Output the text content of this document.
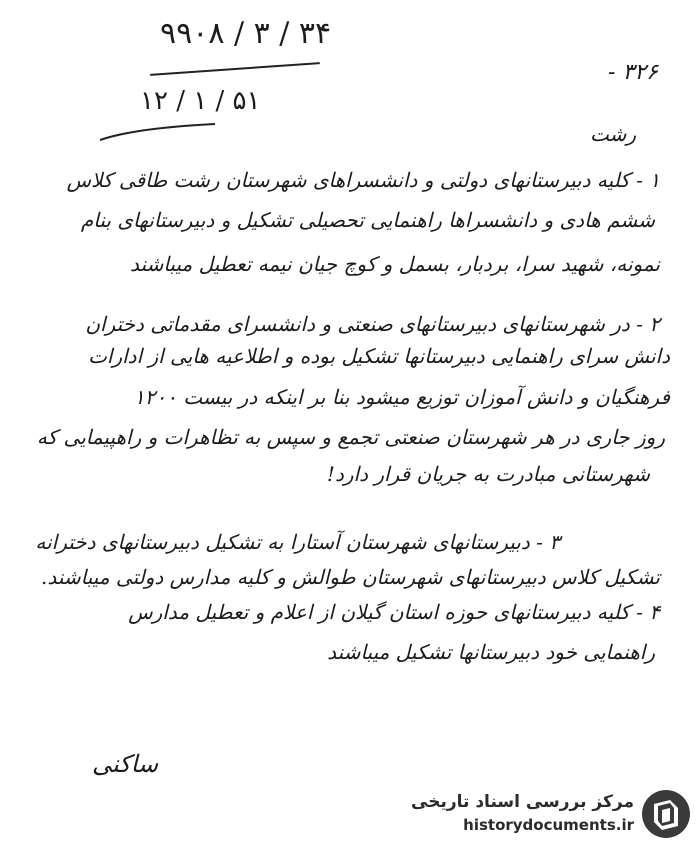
۹۹۰۸ / ۳ / ۳۴
۱۲ / ۱ / ۵۱
۳۲۶ -
رشت
۱ - کلیه دبیرستانهای دولتی و دانشسراهای شهرستان رشت طاقی کلاس
ششم هادی و دانشسراها راهنمایی تحصیلی تشکیل و دبیرستانهای بنام
نمونه، شهید سرا، بردبار، بسمل و کوچ جیان نیمه تعطیل میباشند
۲ - در شهرستانهای دبیرستانهای صنعتی و دانشسرای مقدماتی دختران
دانش سرای راهنمایی دبیرستانها تشکیل بوده و اطلاعیه هایی از ادارات
فرهنگیان و دانش آموزان توزیع میشود بنا بر اینکه در بیست ۱۲۰۰
روز جاری در هر شهرستان صنعتی تجمع و سپس به تظاهرات و راهپیمایی که
شهرستانی مبادرت به جریان قرار دارد!
۳ - دبیرستانهای شهرستان آستارا به تشکیل دبیرستانهای دخترانه
تشکیل کلاس دبیرستانهای شهرستان طوالش و کلیه مدارس دولتی میباشند.
۴ - کلیه دبیرستانهای حوزه استان گیلان از اعلام و تعطیل مدارس
راهنمایی خود دبیرستانها تشکیل میباشند
ساکنی
مرکز بررسی اسناد تاریخی
historydocuments.ir
